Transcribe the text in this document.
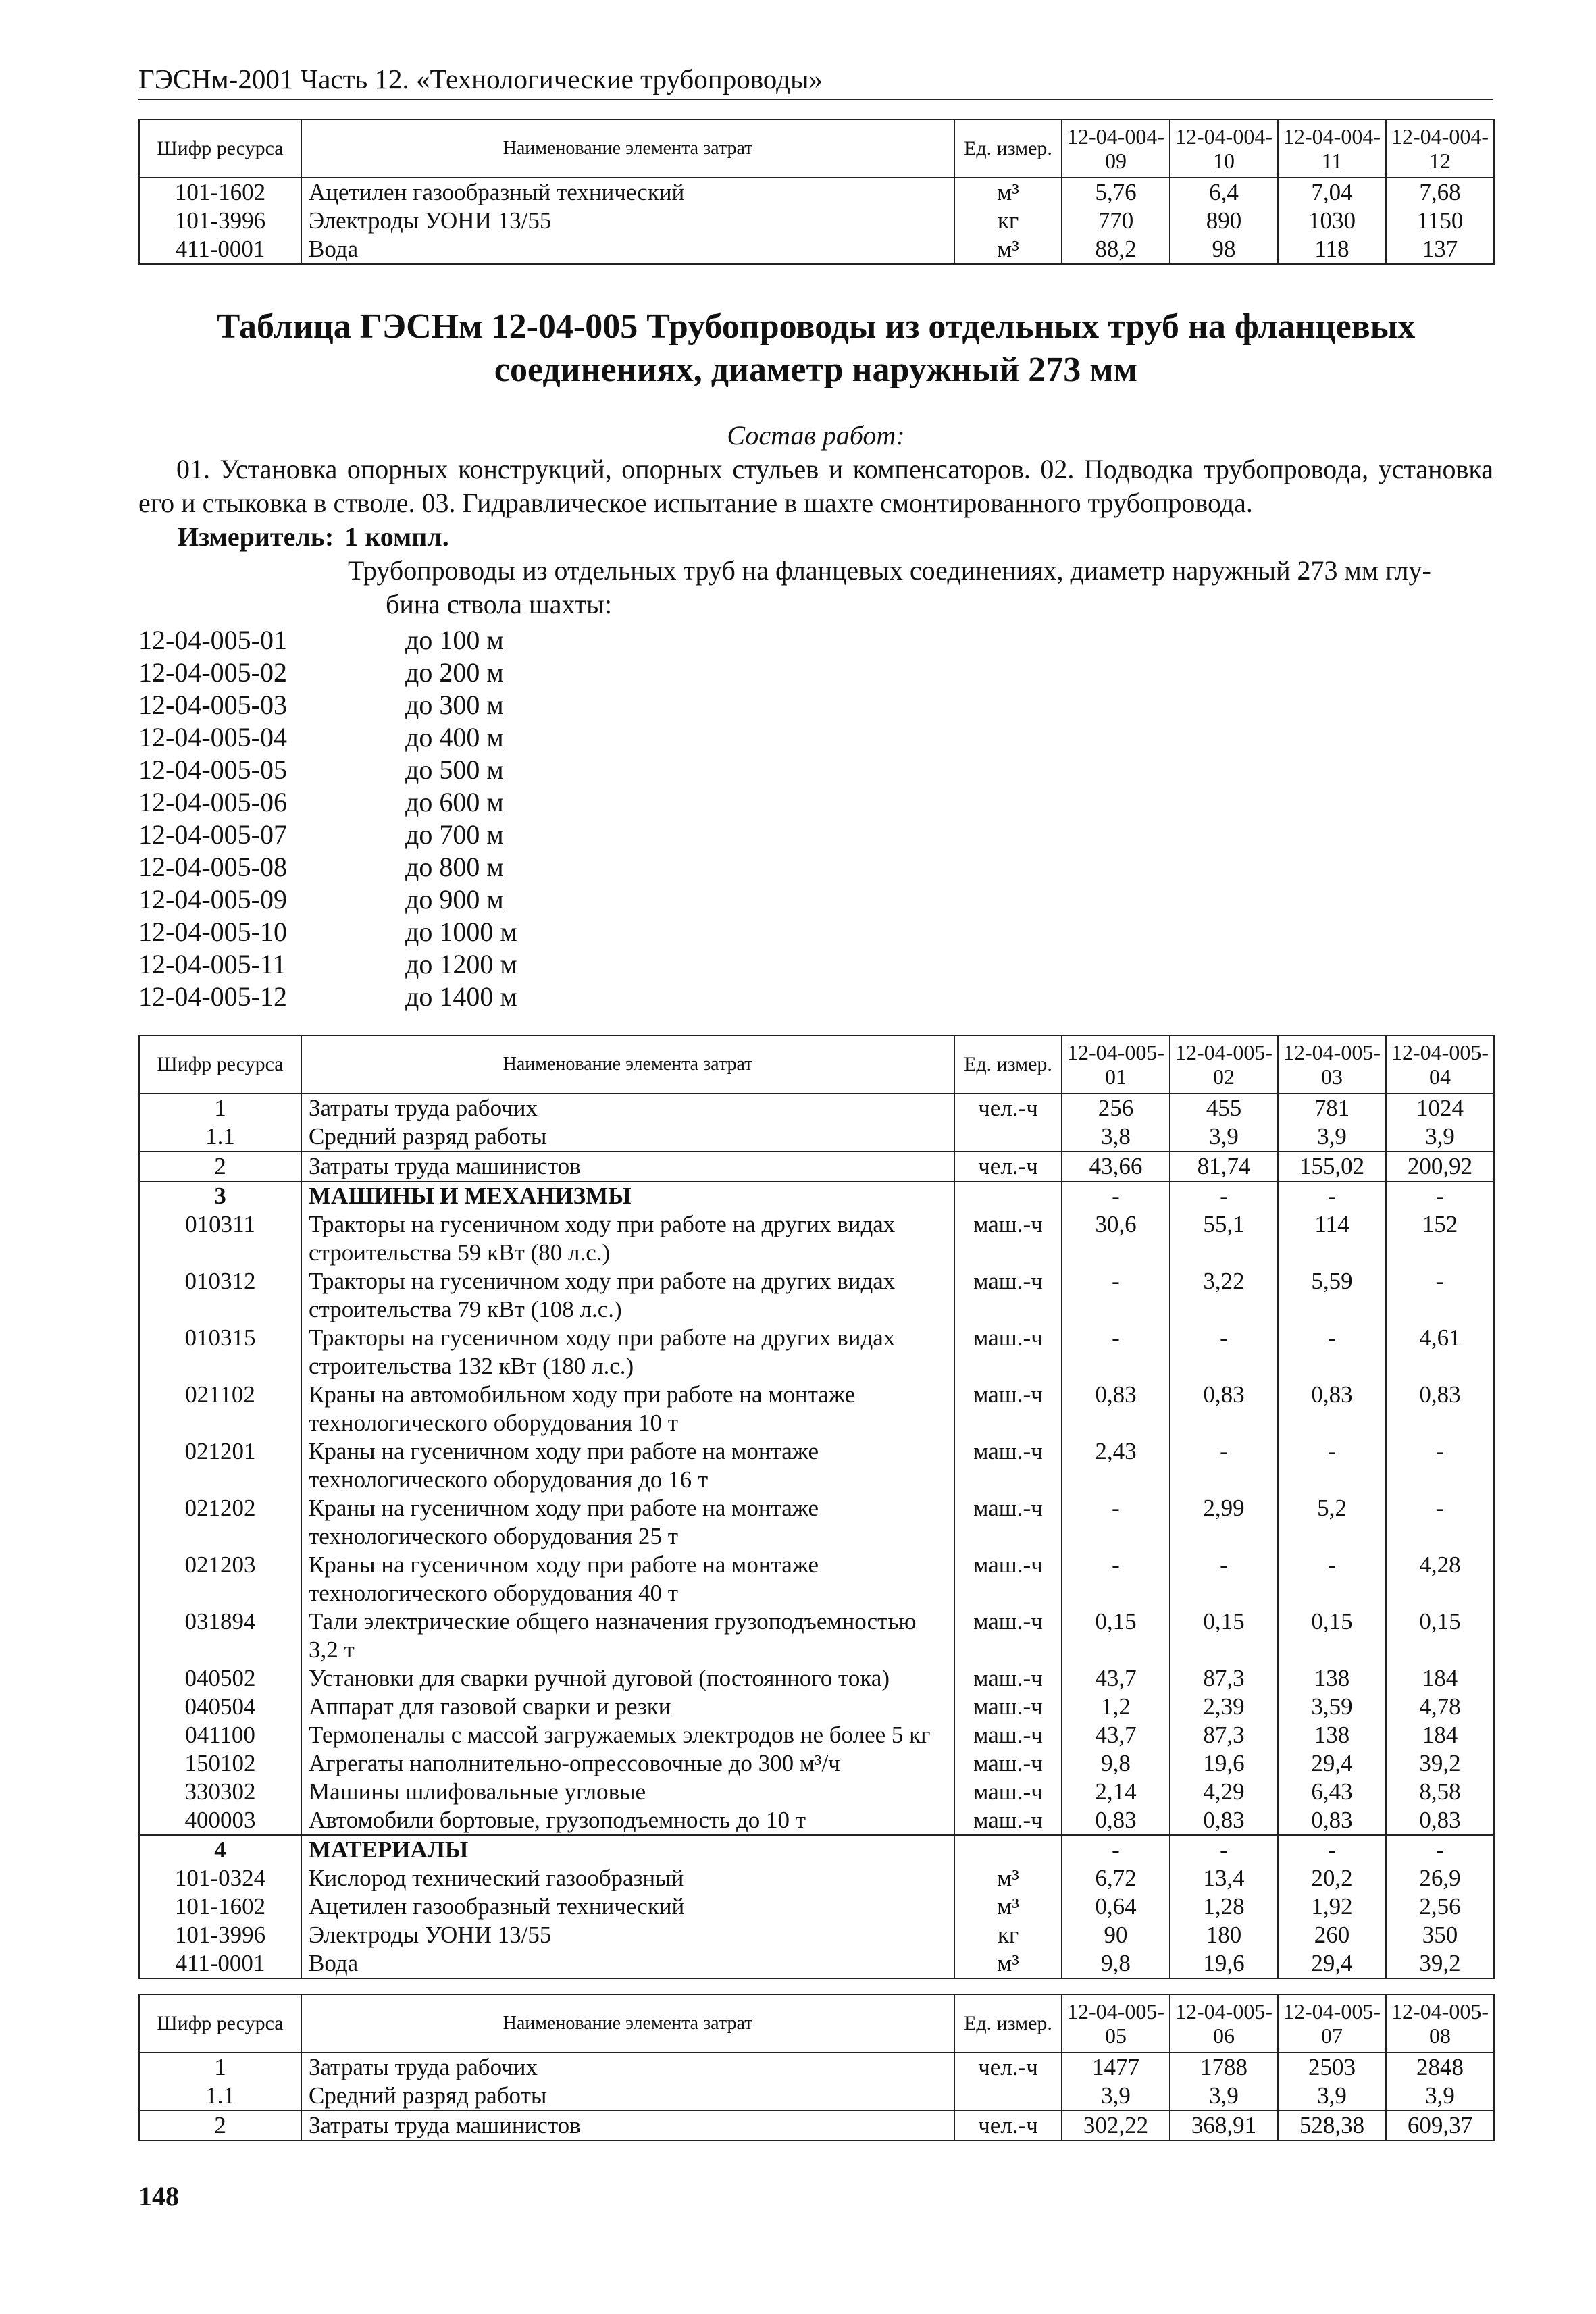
ГЭСНм-2001 Часть 12. «Технологические трубопроводы»
Шифр ресурса	Наименование элемента затрат	Ед. измер.	12-04-004-09	12-04-004-10	12-04-004-11	12-04-004-12
101-1602	Ацетилен газообразный технический	м³	5,76	6,4	7,04	7,68
101-3996	Электроды УОНИ 13/55	кг	770	890	1030	1150
411-0001	Вода	м³	88,2	98	118	137
Таблица ГЭСНм 12-04-005 Трубопроводы из отдельных труб на фланцевых соединениях, диаметр наружный 273 мм
Состав работ:
01. Установка опорных конструкций, опорных стульев и компенсаторов. 02. Подводка трубопровода, установка его и стыковка в стволе. 03. Гидравлическое испытание в шахте смонтированного трубопровода.
Измеритель: 1 компл.
Трубопроводы из отдельных труб на фланцевых соединениях, диаметр наружный 273 мм глу-
бина ствола шахты:
12-04-005-01	до 100 м
12-04-005-02	до 200 м
12-04-005-03	до 300 м
12-04-005-04	до 400 м
12-04-005-05	до 500 м
12-04-005-06	до 600 м
12-04-005-07	до 700 м
12-04-005-08	до 800 м
12-04-005-09	до 900 м
12-04-005-10	до 1000 м
12-04-005-11	до 1200 м
12-04-005-12	до 1400 м
Шифр ресурса	Наименование элемента затрат	Ед. измер.	12-04-005-01	12-04-005-02	12-04-005-03	12-04-005-04
1	Затраты труда рабочих	чел.-ч	256	455	781	1024
1.1	Средний разряд работы		3,8	3,9	3,9	3,9
2	Затраты труда машинистов	чел.-ч	43,66	81,74	155,02	200,92
3	МАШИНЫ И МЕХАНИЗМЫ		-	-	-	-
010311	Тракторы на гусеничном ходу при работе на других видах строительства 59 кВт (80 л.с.)	маш.-ч	30,6	55,1	114	152
010312	Тракторы на гусеничном ходу при работе на других видах строительства 79 кВт (108 л.с.)	маш.-ч	-	3,22	5,59	-
010315	Тракторы на гусеничном ходу при работе на других видах строительства 132 кВт (180 л.с.)	маш.-ч	-	-	-	4,61
021102	Краны на автомобильном ходу при работе на монтаже технологического оборудования 10 т	маш.-ч	0,83	0,83	0,83	0,83
021201	Краны на гусеничном ходу при работе на монтаже технологического оборудования до 16 т	маш.-ч	2,43	-	-	-
021202	Краны на гусеничном ходу при работе на монтаже технологического оборудования 25 т	маш.-ч	-	2,99	5,2	-
021203	Краны на гусеничном ходу при работе на монтаже технологического оборудования 40 т	маш.-ч	-	-	-	4,28
031894	Тали электрические общего назначения грузоподъемностью 3,2 т	маш.-ч	0,15	0,15	0,15	0,15
040502	Установки для сварки ручной дуговой (постоянного тока)	маш.-ч	43,7	87,3	138	184
040504	Аппарат для газовой сварки и резки	маш.-ч	1,2	2,39	3,59	4,78
041100	Термопеналы с массой загружаемых электродов не более 5 кг	маш.-ч	43,7	87,3	138	184
150102	Агрегаты наполнительно-опрессовочные до 300 м³/ч	маш.-ч	9,8	19,6	29,4	39,2
330302	Машины шлифовальные угловые	маш.-ч	2,14	4,29	6,43	8,58
400003	Автомобили бортовые, грузоподъемность до 10 т	маш.-ч	0,83	0,83	0,83	0,83
4	МАТЕРИАЛЫ		-	-	-	-
101-0324	Кислород технический газообразный	м³	6,72	13,4	20,2	26,9
101-1602	Ацетилен газообразный технический	м³	0,64	1,28	1,92	2,56
101-3996	Электроды УОНИ 13/55	кг	90	180	260	350
411-0001	Вода	м³	9,8	19,6	29,4	39,2
Шифр ресурса	Наименование элемента затрат	Ед. измер.	12-04-005-05	12-04-005-06	12-04-005-07	12-04-005-08
1	Затраты труда рабочих	чел.-ч	1477	1788	2503	2848
1.1	Средний разряд работы		3,9	3,9	3,9	3,9
2	Затраты труда машинистов	чел.-ч	302,22	368,91	528,38	609,37
148
